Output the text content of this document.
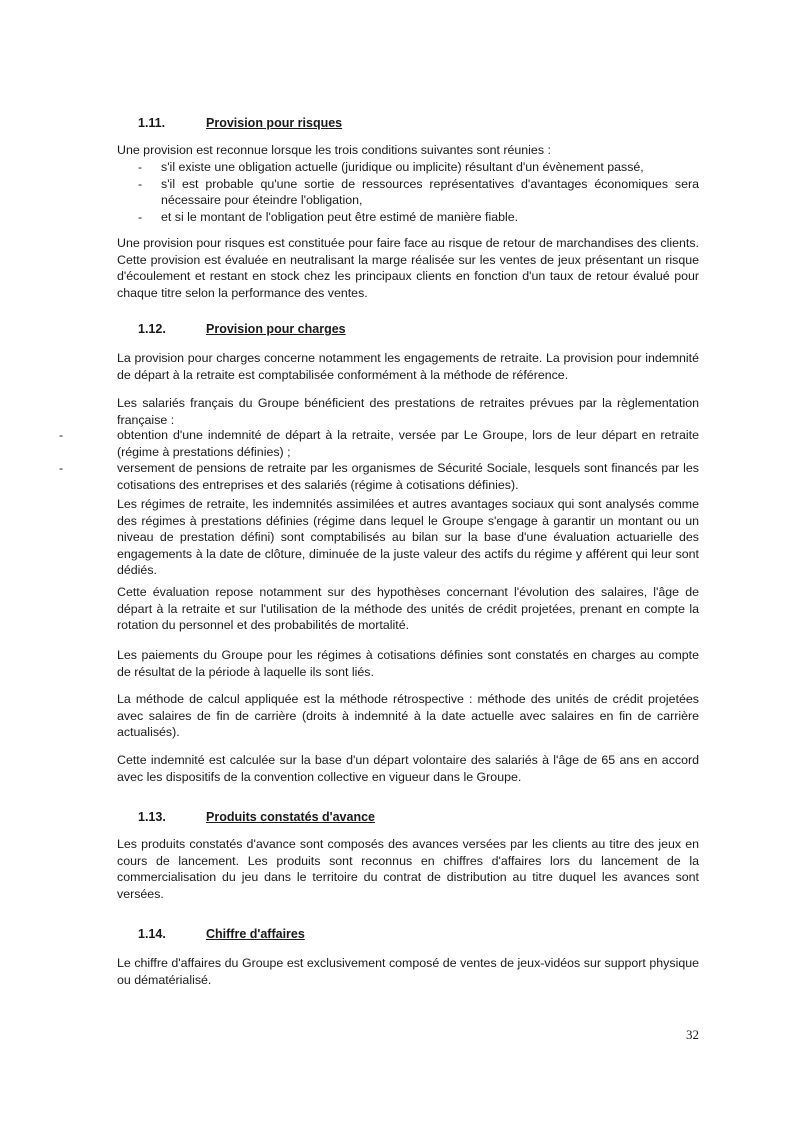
1.11.	Provision pour risques

Une provision est reconnue lorsque les trois conditions suivantes sont réunies :

- s'il existe une obligation actuelle (juridique ou implicite) résultant d'un évènement passé,
- s'il est probable qu'une sortie de ressources représentatives d'avantages économiques sera nécessaire pour éteindre l'obligation,
- et si le montant de l'obligation peut être estimé de manière fiable.

Une provision pour risques est constituée pour faire face au risque de retour de marchandises des clients. Cette provision est évaluée en neutralisant la marge réalisée sur les ventes de jeux présentant un risque d'écoulement et restant en stock chez les principaux clients en fonction d'un taux de retour évalué pour chaque titre selon la performance des ventes.

1.12.	Provision pour charges

La provision pour charges concerne notamment les engagements de retraite. La provision pour indemnité de départ à la retraite est comptabilisée conformément à la méthode de référence.

Les salariés français du Groupe bénéficient des prestations de retraites prévues par la règlementation française :

-	obtention d'une indemnité de départ à la retraite, versée par Le Groupe, lors de leur départ en retraite (régime à prestations définies) ;
-	versement de pensions de retraite par les organismes de Sécurité Sociale, lesquels sont financés par les cotisations des entreprises et des salariés (régime à cotisations définies).

Les régimes de retraite, les indemnités assimilées et autres avantages sociaux qui sont analysés comme des régimes à prestations définies (régime dans lequel le Groupe s'engage à garantir un montant ou un niveau de prestation défini) sont comptabilisés au bilan sur la base d'une évaluation actuarielle des engagements à la date de clôture, diminuée de la juste valeur des actifs du régime y afférent qui leur sont dédiés.

Cette évaluation repose notamment sur des hypothèses concernant l'évolution des salaires, l'âge de départ à la retraite et sur l'utilisation de la méthode des unités de crédit projetées, prenant en compte la rotation du personnel et des probabilités de mortalité.

Les paiements du Groupe pour les régimes à cotisations définies sont constatés en charges au compte de résultat de la période à laquelle ils sont liés.

La méthode de calcul appliquée est la méthode rétrospective : méthode des unités de crédit projetées avec salaires de fin de carrière (droits à indemnité à la date actuelle avec salaires en fin de carrière actualisés).

Cette indemnité est calculée sur la base d'un départ volontaire des salariés à l'âge de 65 ans en accord avec les dispositifs de la convention collective en vigueur dans le Groupe.

1.13.	Produits constatés d'avance

Les produits constatés d'avance sont composés des avances versées par les clients au titre des jeux en cours de lancement. Les produits sont reconnus en chiffres d'affaires lors du lancement de la commercialisation du jeu dans le territoire du contrat de distribution au titre duquel les avances sont versées.

1.14.	Chiffre d'affaires

Le chiffre d'affaires du Groupe est exclusivement composé de ventes de jeux-vidéos sur support physique ou dématérialisé.

32
